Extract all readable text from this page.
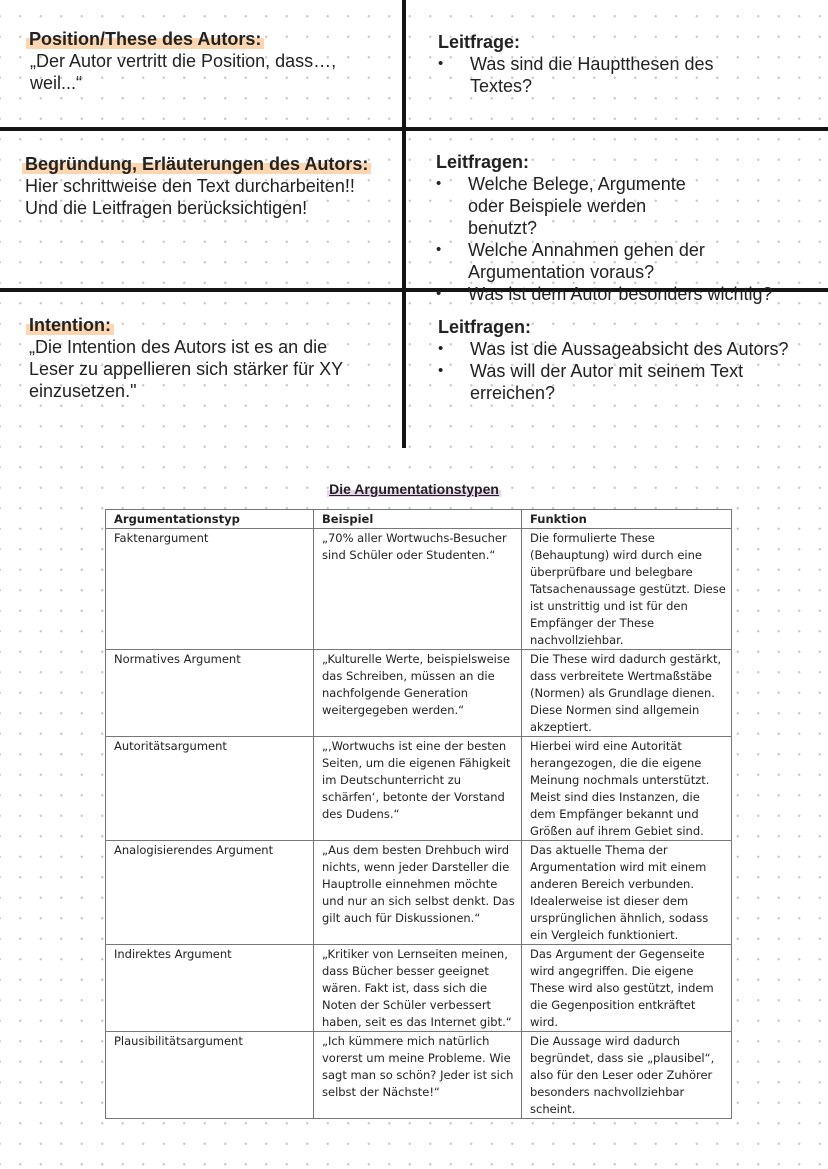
Position/These des Autors:
„Der Autor vertritt die Position, dass…, weil...“
Leitfrage:
• Was sind die Hauptthesen des Textes?
Begründung, Erläuterungen des Autors:
Hier schrittweise den Text durcharbeiten!! Und die Leitfragen berücksichtigen!
Leitfragen:
• Welche Belege, Argumente oder Beispiele werden benutzt?
• Welche Annahmen gehen der Argumentation voraus?
• Was ist dem Autor besonders wichtig?
Intention:
„Die Intention des Autors ist es an die Leser zu appellieren sich stärker für XY einzusetzen."
Leitfragen:
• Was ist die Aussageabsicht des Autors?
• Was will der Autor mit seinem Text erreichen?
Die Argumentationstypen
Argumentationstyp	Beispiel	Funktion
Faktenargument	„70% aller Wortwuchs-Besucher sind Schüler oder Studenten.“	Die formulierte These (Behauptung) wird durch eine überprüfbare und belegbare Tatsachenaussage gestützt. Diese ist unstrittig und ist für den Empfänger der These nachvollziehbar.
Normatives Argument	„Kulturelle Werte, beispielsweise das Schreiben, müssen an die nachfolgende Generation weitergegeben werden.“	Die These wird dadurch gestärkt, dass verbreitete Wertmaßstäbe (Normen) als Grundlage dienen. Diese Normen sind allgemein akzeptiert.
Autoritätsargument	„‚Wortwuchs ist eine der besten Seiten, um die eigenen Fähigkeit im Deutschunterricht zu schärfen‘, betonte der Vorstand des Dudens.“	Hierbei wird eine Autorität herangezogen, die die eigene Meinung nochmals unterstützt. Meist sind dies Instanzen, die dem Empfänger bekannt und Größen auf ihrem Gebiet sind.
Analogisierendes Argument	„Aus dem besten Drehbuch wird nichts, wenn jeder Darsteller die Hauptrolle einnehmen möchte und nur an sich selbst denkt. Das gilt auch für Diskussionen.“	Das aktuelle Thema der Argumentation wird mit einem anderen Bereich verbunden. Idealerweise ist dieser dem ursprünglichen ähnlich, sodass ein Vergleich funktioniert.
Indirektes Argument	„Kritiker von Lernseiten meinen, dass Bücher besser geeignet wären. Fakt ist, dass sich die Noten der Schüler verbessert haben, seit es das Internet gibt.“	Das Argument der Gegenseite wird angegriffen. Die eigene These wird also gestützt, indem die Gegenposition entkräftet wird.
Plausibilitätsargument	„Ich kümmere mich natürlich vorerst um meine Probleme. Wie sagt man so schön? Jeder ist sich selbst der Nächste!“	Die Aussage wird dadurch begründet, dass sie „plausibel“, also für den Leser oder Zuhörer besonders nachvollziehbar scheint.
